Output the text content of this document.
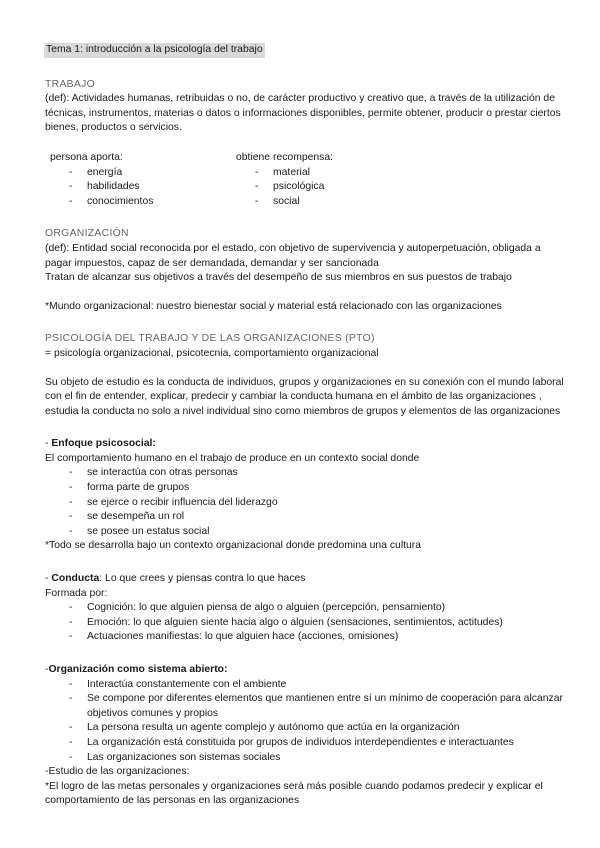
Tema 1: introducción a la psicología del trabajo
TRABAJO

(def): Actividades humanas, retribuidas o no, de carácter productivo y creativo que, a través de la utilización de técnicas, instrumentos, materias o datos o informaciones disponibles, permite obtener, producir o prestar ciertos bienes, productos o servicios.

persona aporta:
- energía
- habilidades
- conocimientos
obtiene recompensa:
- material
- psicológica
- social
ORGANIZACIÓN

(def): Entidad social reconocida por el estado, con objetivo de supervivencia y autoperpetuación, obligada a pagar impuestos, capaz de ser demandada, demandar y ser sancionada

Tratan de alcanzar sus objetivos a través del desempeño de sus miembros en sus puestos de trabajo

*Mundo organizacional: nuestro bienestar social y material está relacionado con las organizaciones

PSICOLOGÍA DEL TRABAJO Y DE LAS ORGANIZACIONES (PTO)

= psicología organizacional, psicotecnia, comportamiento organizacional

Su objeto de estudio es la conducta de individuos, grupos y organizaciones en su conexión con el mundo laboral con el fin de entender, explicar, predecir y cambiar la conducta humana en el ámbito de las organizaciones , estudia la conducta no solo a nivel individual sino como miembros de grupos y elementos de las organizaciones

- Enfoque psicosocial:

El comportamiento humano en el trabajo de produce en un contexto social donde

- se interactúa con otras personas
- forma parte de grupos
- se ejerce o recibir influencia del liderazgo
- se desempeña un rol
- se posee un estatus social

*Todo se desarrolla bajo un contexto organizacional donde predomina una cultura

- Conducta: Lo que crees y piensas contra lo que haces

Formada por:

- Cognición: lo que alguien piensa de algo o alguien (percepción, pensamiento)
- Emoción: lo que alguien siente hacia algo o alguien (sensaciones, sentimientos, actitudes)
- Actuaciones manifiestas: lo que alguien hace (acciones, omisiones)

-Organización como sistema abierto:

- Interactúa constantemente con el ambiente
- Se compone por diferentes elementos que mantienen entre sí un mínimo de cooperación para alcanzar objetivos comunes y propios
- La persona resulta un agente complejo y autónomo que actúa en la organización
- La organización está constituida por grupos de individuos interdependientes e interactuantes
- Las organizaciones son sistemas sociales

-Estudio de las organizaciones:

*El logro de las metas personales y organizaciones será más posible cuando podamos predecir y explicar el comportamiento de las personas en las organizaciones
